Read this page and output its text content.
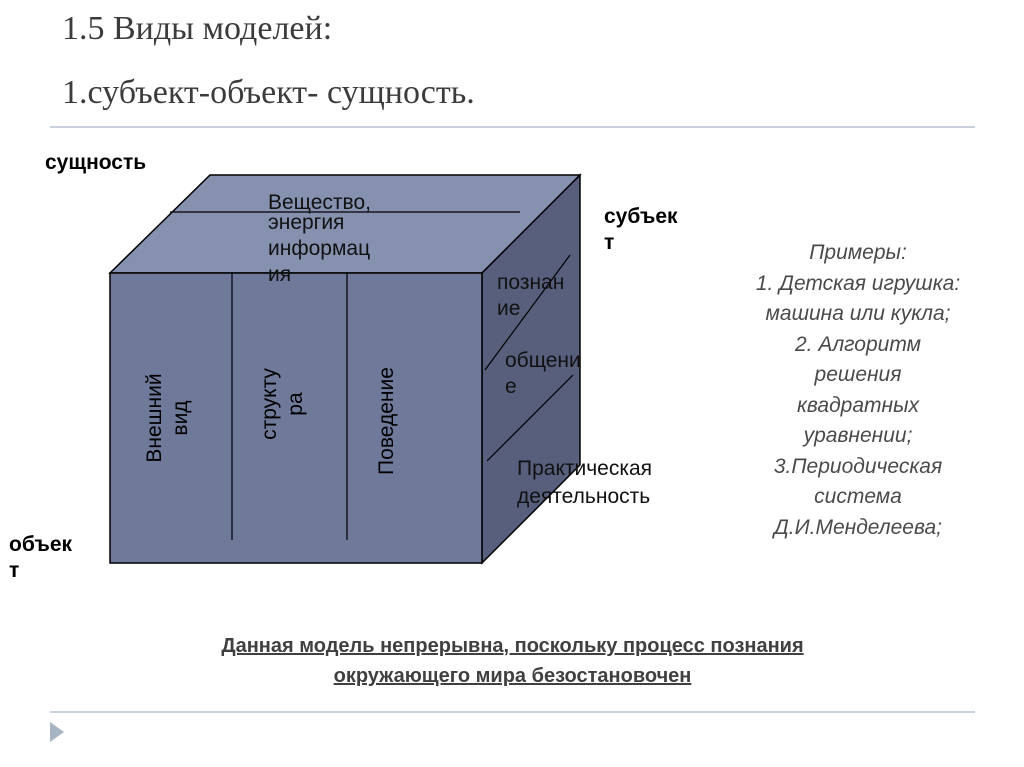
1.5 Виды моделей:
1.субъект-объект- сущность.
сущность
субъек
т
объек
т
Вещество,
энергия
информац
ия
Внешний
вид	структу
ра	Поведение
познан
ие
общени
е
Практическая
деятельность
Примеры:
1. Детская игрушка:
машина или кукла;
2. Алгоритм
решения
квадратных
уравнении;
3.Периодическая
система
Д.И.Менделеева;
Данная модель непрерывна, поскольку процесс познания
окружающего мира безостановочен
